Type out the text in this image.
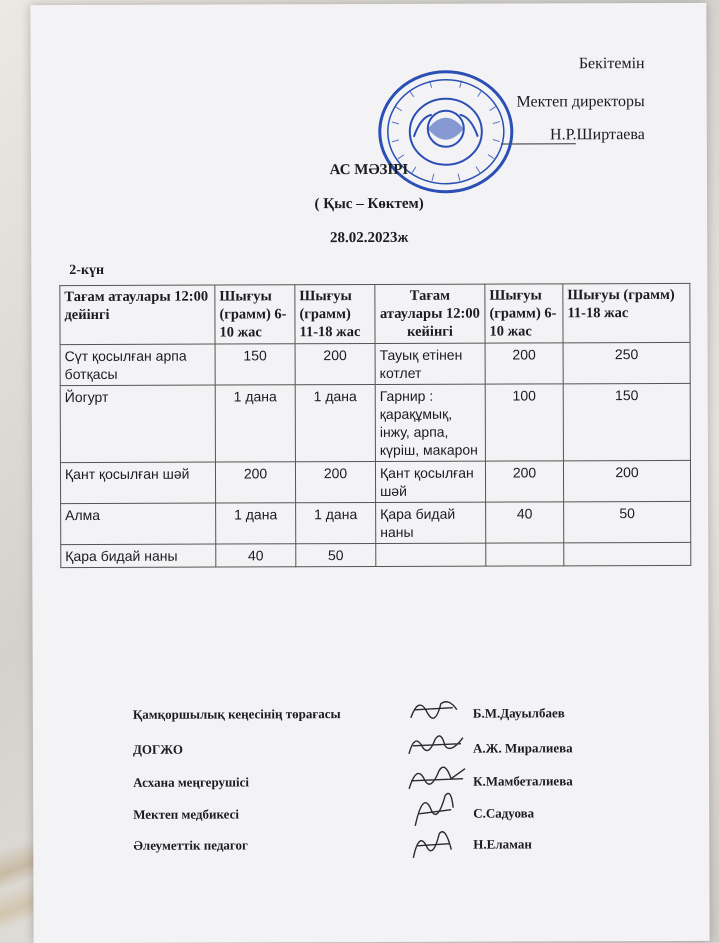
Бекітемін
Мектеп директоры
Н.Р.Ширтаева
АС МӘЗІРІ
( Қыс – Көктем)
28.02.2023ж
2-күн
Тағам атаулары 12:00 дейінгі	Шығуы (грамм) 6-10 жас	Шығуы (грамм) 11-18 жас	Тағам атаулары 12:00 кейінгі	Шығуы (грамм) 6-10 жас	Шығуы (грамм) 11-18 жас
Сүт қосылған арпа ботқасы	150	200	Тауық етінен котлет	200	250
Йогурт	1 дана	1 дана	Гарнир : қарақұмық, інжу, арпа, күріш, макарон	100	150
Қант қосылған шәй	200	200	Қант қосылған шәй	200	200
Алма	1 дана	1 дана	Қара бидай наны	40	50
Қара бидай наны	40	50			
Қамқоршылық кеңесінің төрағасы	Б.М.Дауылбаев
ДОГЖО	А.Ж. Миралиева
Асхана меңгерушісі	К.Мамбеталиева
Мектеп медбикесі	С.Садуова
Әлеуметтік педагог	Н.Еламан
